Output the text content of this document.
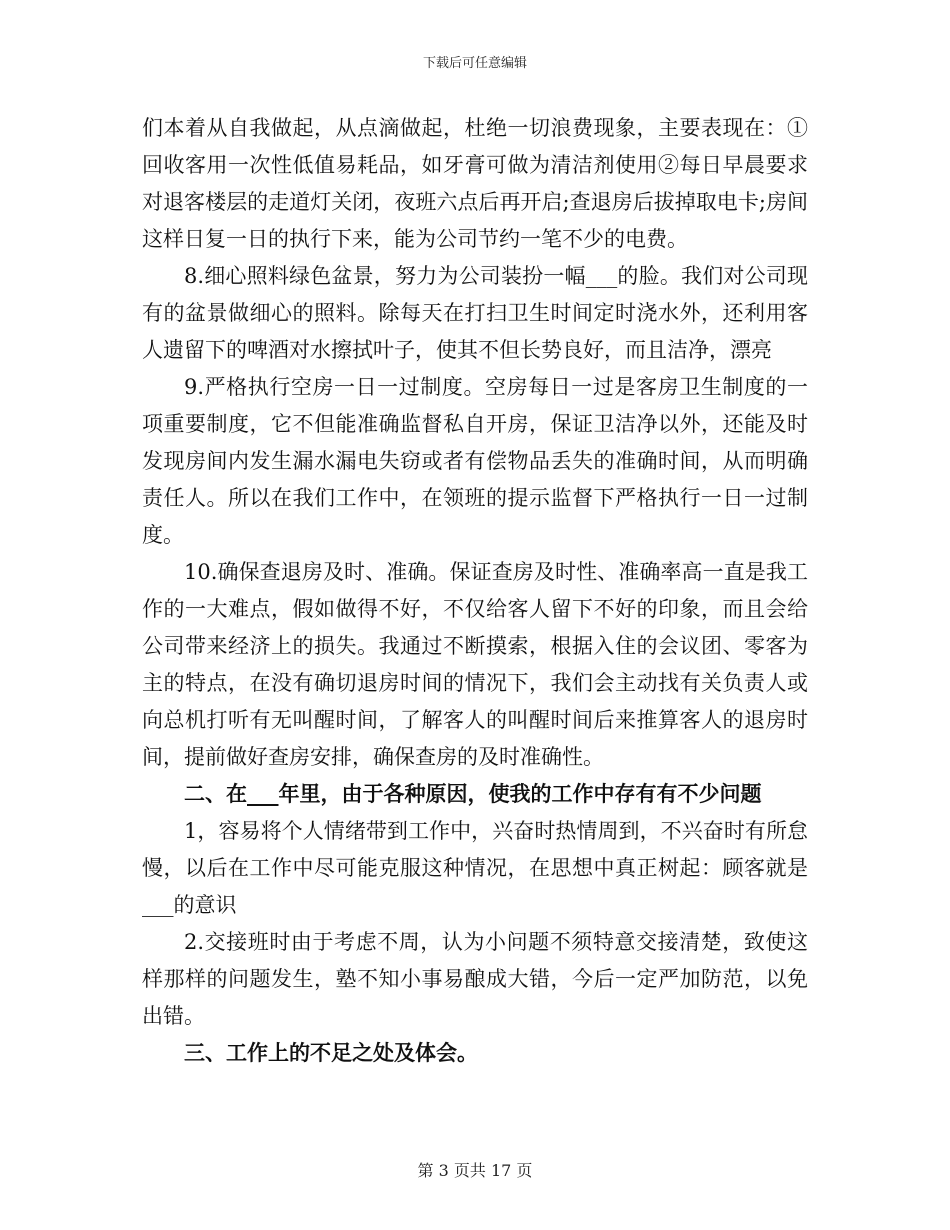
下载后可任意编辑

们本着从自我做起，从点滴做起，杜绝一切浪费现象，主要表现在：①回收客用一次性低值易耗品，如牙膏可做为清洁剂使用②每日早晨要求对退客楼层的走道灯关闭，夜班六点后再开启;查退房后拔掉取电卡;房间这样日复一日的执行下来，能为公司节约一笔不少的电费。

8.细心照料绿色盆景，努力为公司装扮一幅___的脸。我们对公司现有的盆景做细心的照料。除每天在打扫卫生时间定时浇水外，还利用客人遗留下的啤酒对水擦拭叶子，使其不但长势良好，而且洁净，漂亮

9.严格执行空房一日一过制度。空房每日一过是客房卫生制度的一项重要制度，它不但能准确监督私自开房，保证卫洁净以外，还能及时发现房间内发生漏水漏电失窃或者有偿物品丢失的准确时间，从而明确责任人。所以在我们工作中，在领班的提示监督下严格执行一日一过制度。

10.确保查退房及时、准确。保证查房及时性、准确率高一直是我工作的一大难点，假如做得不好，不仅给客人留下不好的印象，而且会给公司带来经济上的损失。我通过不断摸索，根据入住的会议团、零客为主的特点，在没有确切退房时间的情况下，我们会主动找有关负责人或向总机打听有无叫醒时间，了解客人的叫醒时间后来推算客人的退房时间，提前做好查房安排，确保查房的及时准确性。

二、在___年里，由于各种原因，使我的工作中存有有不少问题

1，容易将个人情绪带到工作中，兴奋时热情周到，不兴奋时有所怠慢，以后在工作中尽可能克服这种情况，在思想中真正树起：顾客就是___的意识

2.交接班时由于考虑不周，认为小问题不须特意交接清楚，致使这样那样的问题发生，塾不知小事易酿成大错，今后一定严加防范，以免出错。

三、工作上的不足之处及体会。

第 3 页共 17 页
